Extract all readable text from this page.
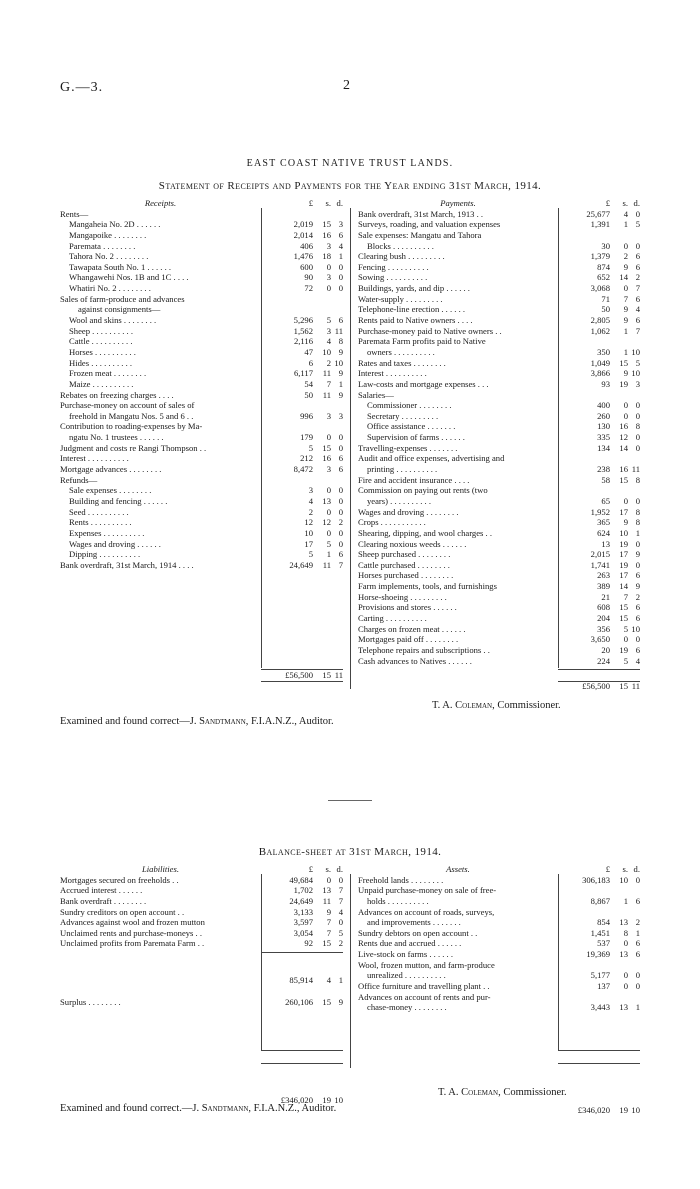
G.—3.	2
EAST COAST NATIVE TRUST LANDS.
Statement of Receipts and Payments for the Year ending 31st March, 1914.
Receipts.	£	s. d.
Rents—
Mangaheia No. 2D . . . . . .	2,019	15 3
Mangapoike . . . . . . . .	2,014	16 6
Paremata . . . . . . . .	406	3 4
Tahora No. 2 . . . . . . . .	1,476	18 1
Tawapata South No. 1 . . . . . .	600	0 0
Whangawehi Nos. 1B and 1C . . . .	90	3 0
Whatiri No. 2 . . . . . . . .	72	0 0
Sales of farm-produce and advances
against consignments—
Wool and skins . . . . . . . .	5,296	5 6
Sheep . . . . . . . . . .	1,562	3 11
Cattle . . . . . . . . . .	2,116	4 8
Horses . . . . . . . . . .	47	10 9
Hides . . . . . . . . . .	6	2 10
Frozen meat . . . . . . . .	6,117	11 9
Maize . . . . . . . . . .	54	7 1
Rebates on freezing charges . . . .	50	11 9
Purchase-money on account of sales of
freehold in Mangatu Nos. 5 and 6 . .	996	3 3
Contribution to roading-expenses by Ma-
ngatu No. 1 trustees . . . . . .	179	0 0
Judgment and costs re Rangi Thompson . .	5	15 0
Interest . . . . . . . . . .	212	16 6
Mortgage advances . . . . . . . .	8,472	3 6
Refunds—
Sale expenses . . . . . . . .	3	0 0
Building and fencing . . . . . .	4	13 0
Seed . . . . . . . . . .	2	0 0
Rents . . . . . . . . . .	12	12 2
Expenses . . . . . . . . . .	10	0 0
Wages and droving . . . . . .	17	5 0
Dipping . . . . . . . . . .	5	1 6
Bank overdraft, 31st March, 1914 . . . .	24,649	11 7
£56,500	15 11
Payments.	£	s. d.
Bank overdraft, 31st March, 1913 . .	25,677	4 0
Surveys, roading, and valuation expenses	1,391	1 5
Sale expenses: Mangatu and Tahora
Blocks . . . . . . . . . .	30	0 0
Clearing bush . . . . . . . . .	1,379	2 6
Fencing . . . . . . . . . .	874	9 6
Sowing . . . . . . . . . .	652	14 2
Buildings, yards, and dip . . . . . .	3,068	0 7
Water-supply . . . . . . . . .	71	7 6
Telephone-line erection . . . . . .	50	9 4
Rents paid to Native owners . . . .	2,805	9 6
Purchase-money paid to Native owners . .	1,062	1 7
Paremata Farm profits paid to Native
owners . . . . . . . . . .	350	1 10
Rates and taxes . . . . . . . .	1,049	15 5
Interest . . . . . . . . . .	3,866	9 10
Law-costs and mortgage expenses . . .	93	19 3
Salaries—
Commissioner . . . . . . . .	400	0 0
Secretary . . . . . . . . .	260	0 0
Office assistance . . . . . . .	130	16 8
Supervision of farms . . . . . .	335	12 0
Travelling-expenses . . . . . . .	134	14 0
Audit and office expenses, advertising and
printing . . . . . . . . . .	238	16 11
Fire and accident insurance . . . .	58	15 8
Commission on paying out rents (two
years) . . . . . . . . . .	65	0 0
Wages and droving . . . . . . . .	1,952	17 8
Crops . . . . . . . . . . .	365	9 8
Shearing, dipping, and wool charges . .	624	10 1
Clearing noxious weeds . . . . . .	13	19 0
Sheep purchased . . . . . . . .	2,015	17 9
Cattle purchased . . . . . . . .	1,741	19 0
Horses purchased . . . . . . . .	263	17 6
Farm implements, tools, and furnishings	389	14 9
Horse-shoeing . . . . . . . . .	21	7 2
Provisions and stores . . . . . .	608	15 6
Carting . . . . . . . . . .	204	15 6
Charges on frozen meat . . . . . .	356	5 10
Mortgages paid off . . . . . . . .	3,650	0 0
Telephone repairs and subscriptions . .	20	19 6
Cash advances to Natives . . . . . .	224	5 4
£56,500	15 11
T. A. Coleman, Commissioner.
Examined and found correct—J. Sandtmann, F.I.A.N.Z., Auditor.
Balance-sheet at 31st March, 1914.
Liabilities.	£	s. d.
Mortgages secured on freeholds . .	49,684	0 0
Accrued interest . . . . . .	1,702	13 7
Bank overdraft . . . . . . . .	24,649	11 7
Sundry creditors on open account . .	3,133	9 4
Advances against wool and frozen mutton	3,597	7 0
Unclaimed rents and purchase-moneys . .	3,054	7 5
Unclaimed profits from Paremata Farm . .	92	15 2
85,914	4 1
Surplus . . . . . . . .	260,106	15 9
£346,020	19 10
Assets.	£	s. d.
Freehold lands . . . . . . . .	306,183	10 0
Unpaid purchase-money on sale of free-
holds . . . . . . . . . .	8,867	1 6
Advances on account of roads, surveys,
and improvements . . . . . . .	854	13 2
Sundry debtors on open account . .	1,451	8 1
Rents due and accrued . . . . . .	537	0 6
Live-stock on farms . . . . . .	19,369	13 6
Wool, frozen mutton, and farm-produce
unrealized . . . . . . . . . .	5,177	0 0
Office furniture and travelling plant . .	137	0 0
Advances on account of rents and pur-
chase-money . . . . . . . .	3,443	13 1
£346,020	19 10
T. A. Coleman, Commissioner.
Examined and found correct.—J. Sandtmann, F.I.A.N.Z., Auditor.
